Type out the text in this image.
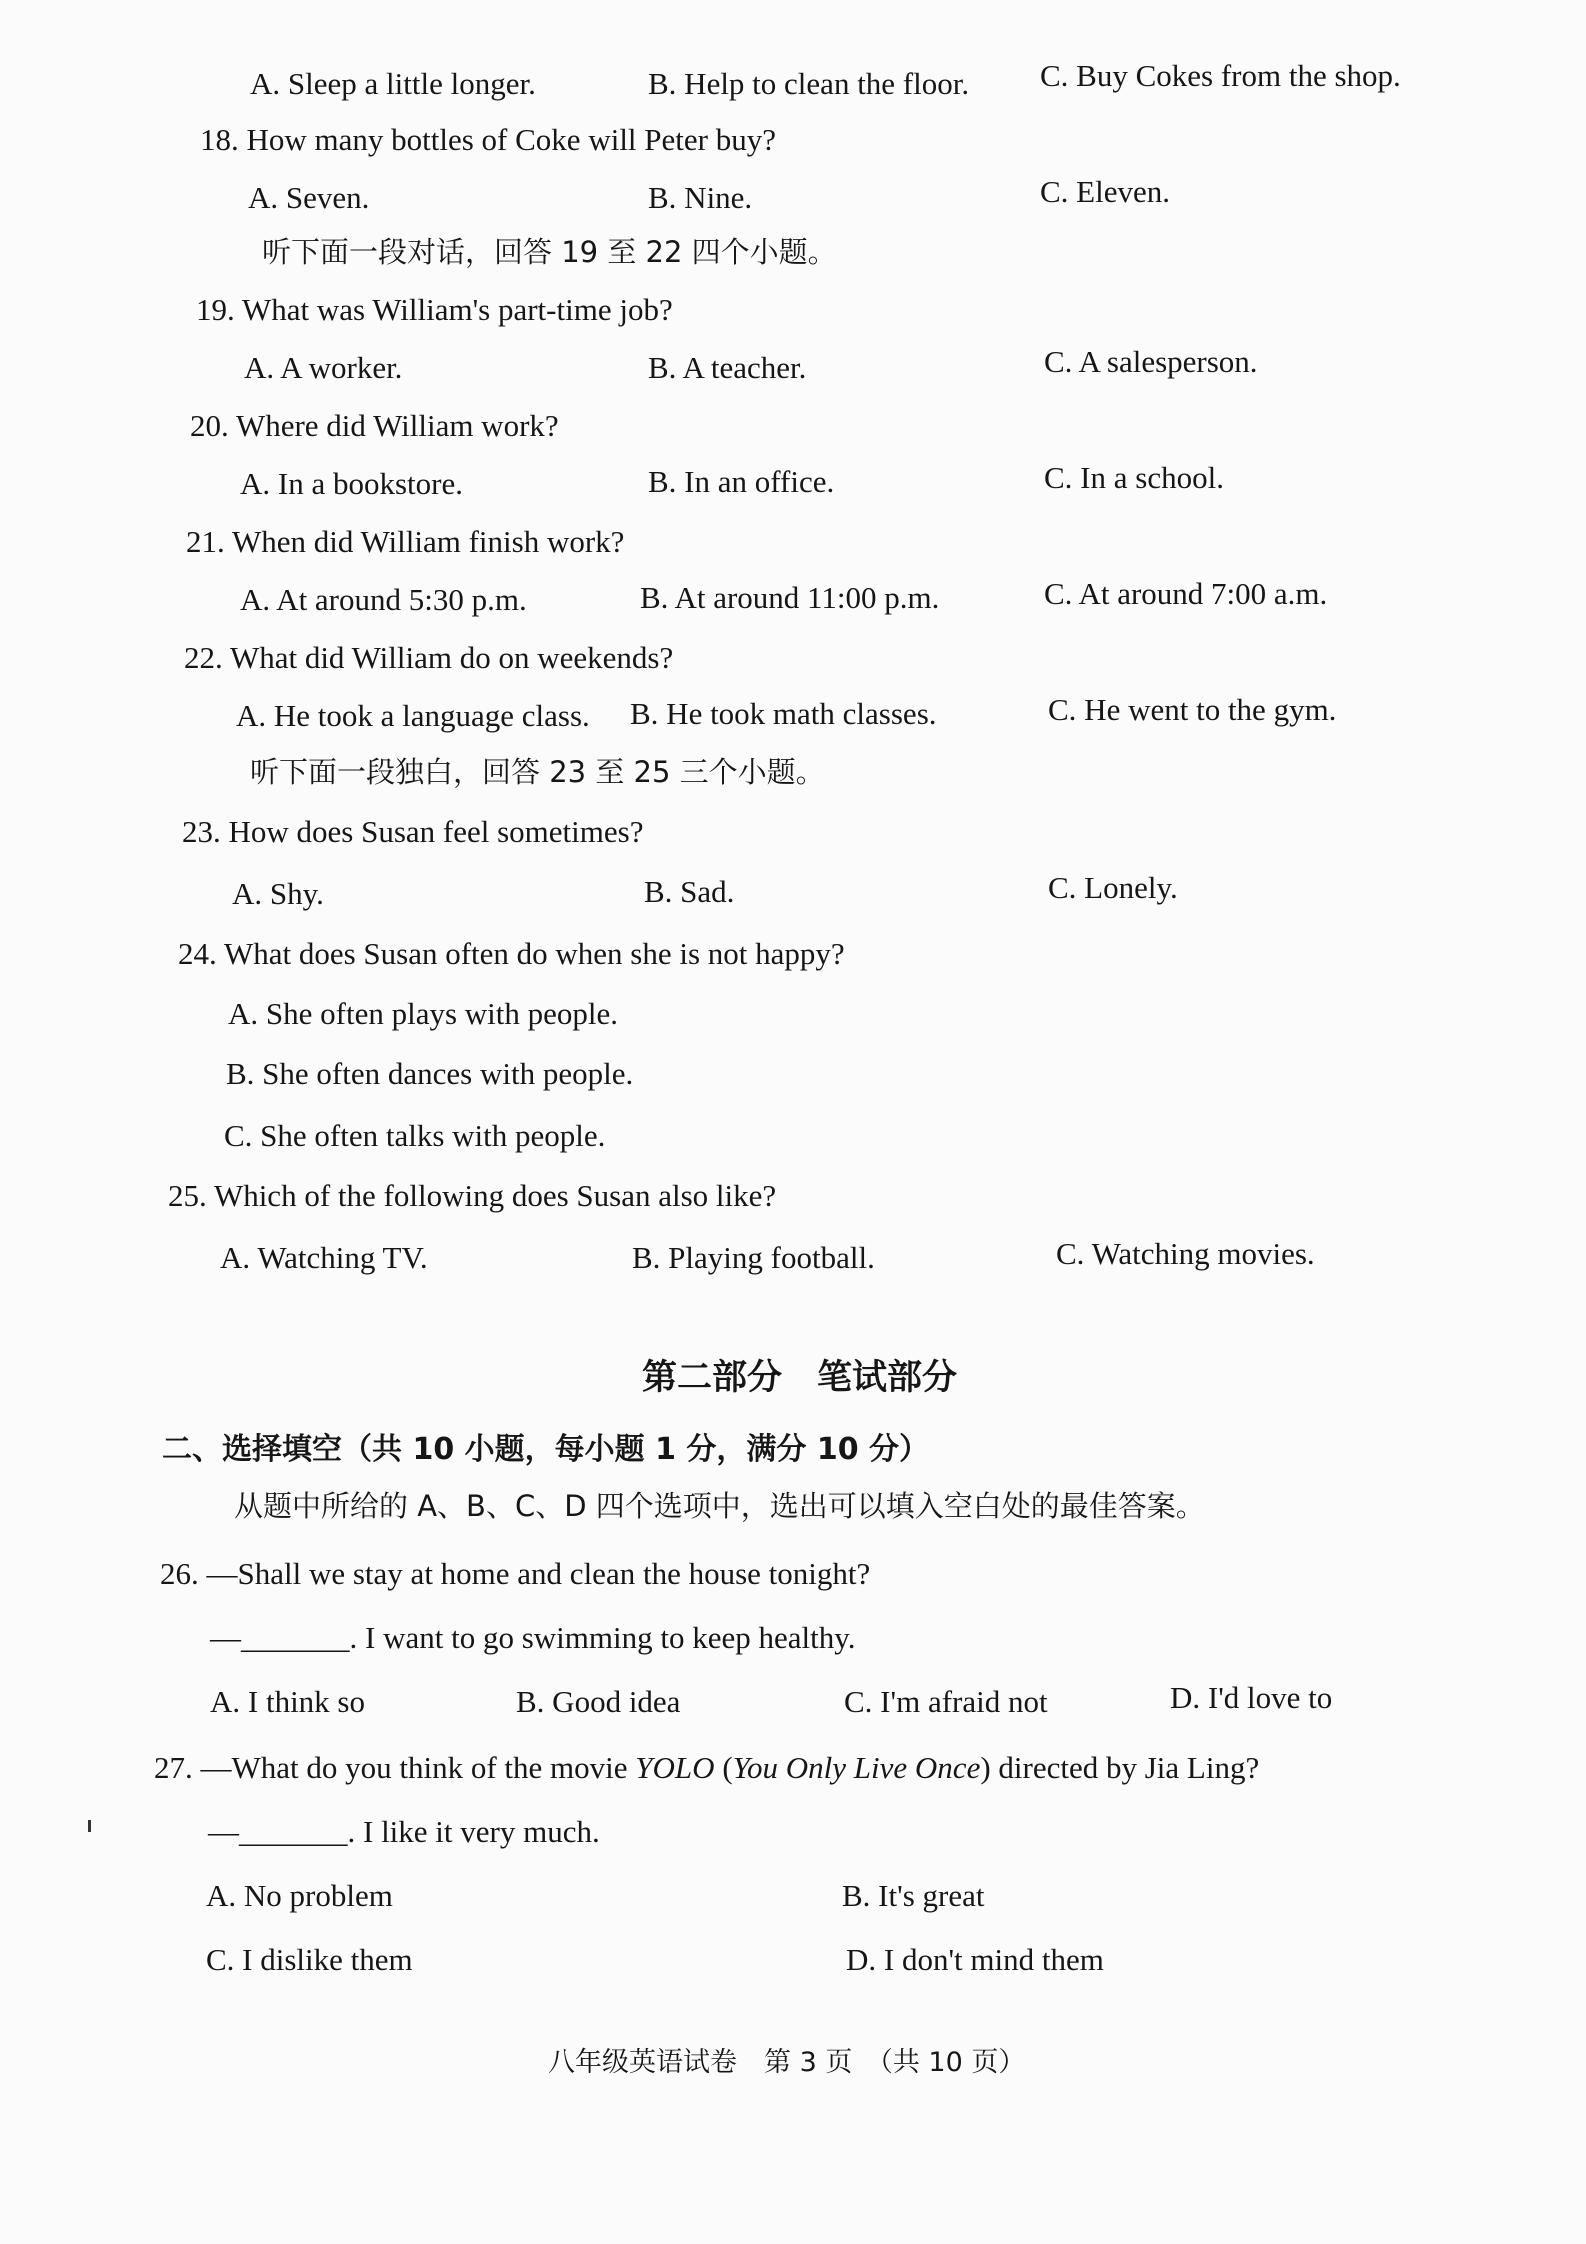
A. Sleep a little longer.	B. Help to clean the floor. C. Buy Cokes from the shop.
18. How many bottles of Coke will Peter buy?
A. Seven.	B. Nine.	C. Eleven.
听下面一段对话，回答 19 至 22 四个小题。
19. What was William's part-time job?
A. A worker.	B. A teacher.	C. A salesperson.
20. Where did William work?
A. In a bookstore.	B. In an office.	C. In a school.
21. When did William finish work?
A. At around 5:30 p.m.	B. At around 11:00 p.m.	C. At around 7:00 a.m.
22. What did William do on weekends?
A. He took a language class. B. He took math classes.	C. He went to the gym.
听下面一段独白，回答 23 至 25 三个小题。
23. How does Susan feel sometimes?
A. Shy.	B. Sad.	C. Lonely.
24. What does Susan often do when she is not happy?
A. She often plays with people.
B. She often dances with people.
C. She often talks with people.
25. Which of the following does Susan also like?
A. Watching TV.	B. Playing football.	C. Watching movies.
第二部分　笔试部分
二、选择填空（共 10 小题，每小题 1 分，满分 10 分）
从题中所给的 A、B、C、D 四个选项中，选出可以填入空白处的最佳答案。
26. —Shall we stay at home and clean the house tonight?
—_______. I want to go swimming to keep healthy.
A. I think so	B. Good idea	C. I'm afraid not	D. I'd love to
27. —What do you think of the movie YOLO (You Only Live Once) directed by Jia Ling?
—_______. I like it very much.
A. No problem	B. It's great
C. I dislike them	D. I don't mind them
八年级英语试卷　第 3 页　（共 10 页）
